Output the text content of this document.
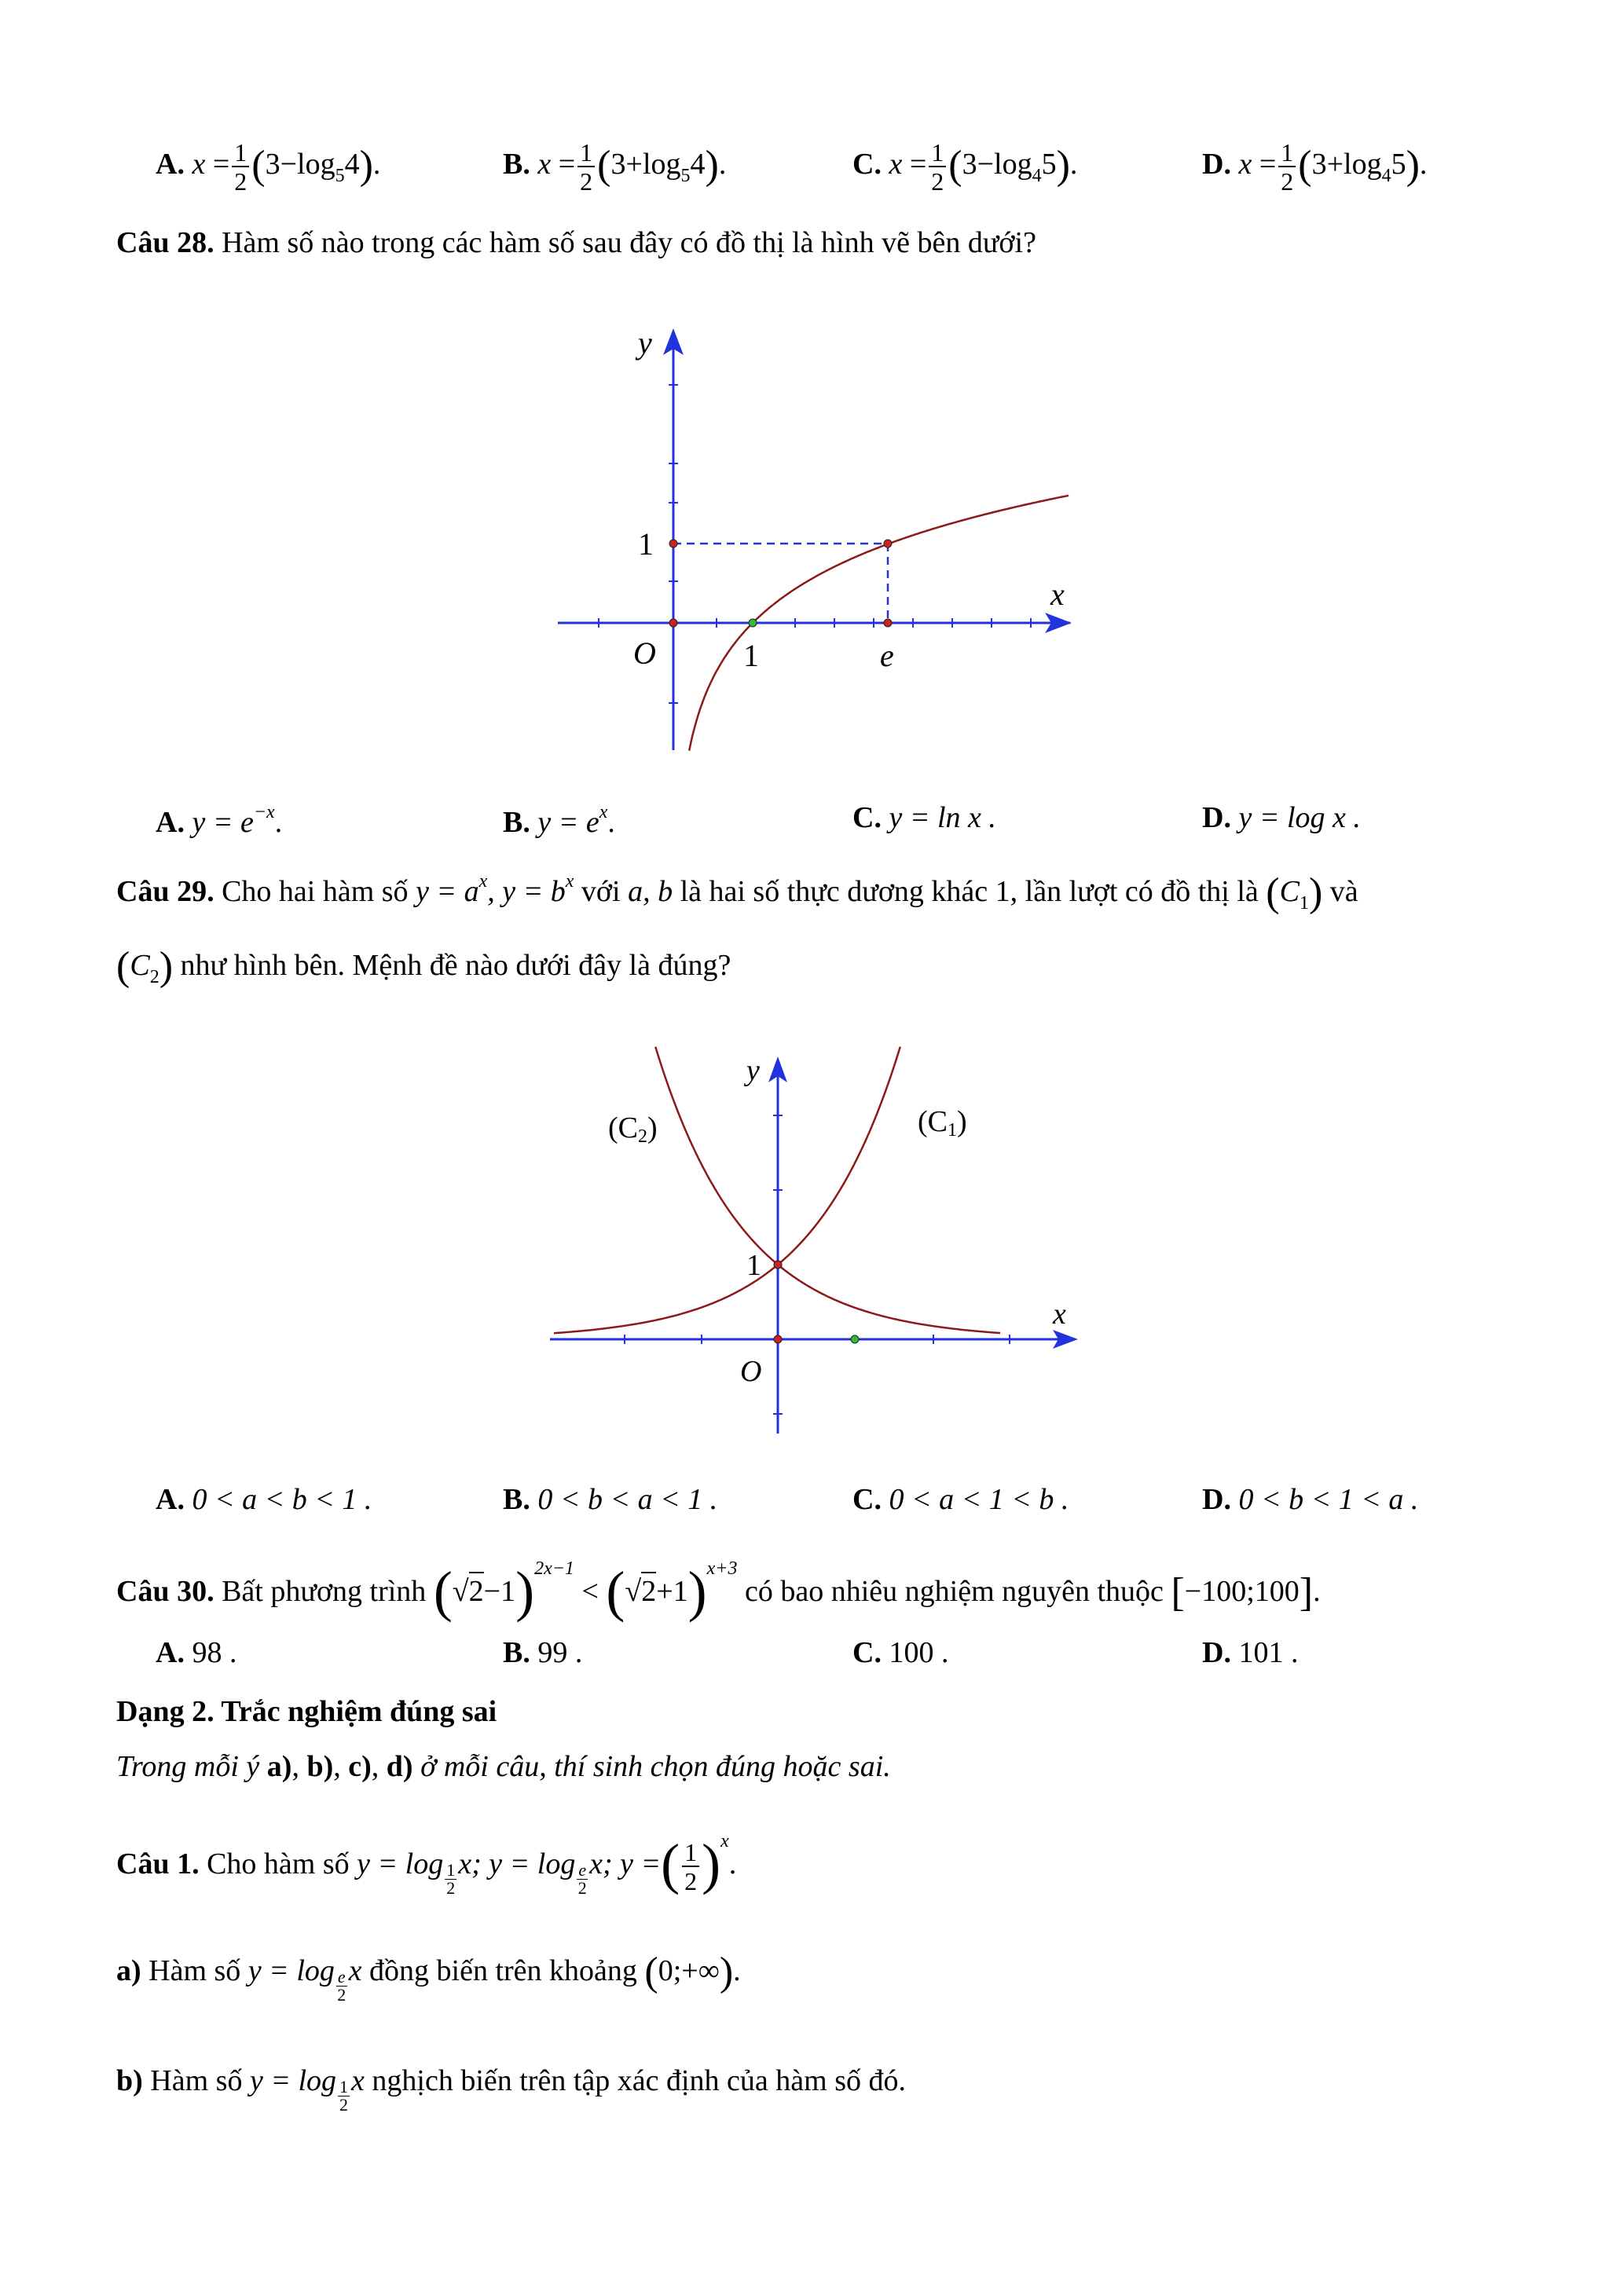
A. $x = \frac{1}{2} (3-\log_54)$.	B. $x = \frac{1}{2} (3+\log_54)$.	C. $x = \frac{1}{2} (3-\log_45)$.	D. $x = \frac{1}{2} (3+\log_45)$.
Câu 28. Hàm số nào trong các hàm số sau đây có đồ thị là hình vẽ bên dưới?
y
x
O
1
1	e
A. $y = e^{-x}$.	B. $y = e^x$.	C. y = ln x .	D. y = log x .
Câu 29. Cho hai hàm số $y = a^x$, $y = b^x$ với a, b là hai số thực dương khác 1, lần lượt có đồ thị là $(C_1)$ và
$(C_2)$ như hình bên. Mệnh đề nào dưới đây là đúng?
y
x
O
1
(C2)	(C1)
A. 0 < a < b < 1 .	B. 0 < b < a < 1 .	C. 0 < a < 1 < b .	D. 0 < b < 1 < a .
Câu 30. Bất phương trình $(√2-1)^{2x-1} < (√2+1)^{x+3}$ có bao nhiêu nghiệm nguyên thuộc [−100;100].
A. 98 .	B. 99 .	C. 100 .	D. 101 .
Dạng 2. Trắc nghiệm đúng sai
Trong mỗi ý a), b), c), d) ở mỗi câu, thí sinh chọn đúng hoặc sai.
Câu 1. Cho hàm số $y = \log \frac{1}{2} x$; $y = \log \frac{e}{2} x$; y =( $\frac{1}{2} )^x$.
a) Hàm số $y = \log \frac{e}{2}$ x đồng biến trên khoảng (0;+∞).
b) Hàm số $y = \log \frac{1}{2}$ x nghịch biến trên tập xác định của hàm số đó.
